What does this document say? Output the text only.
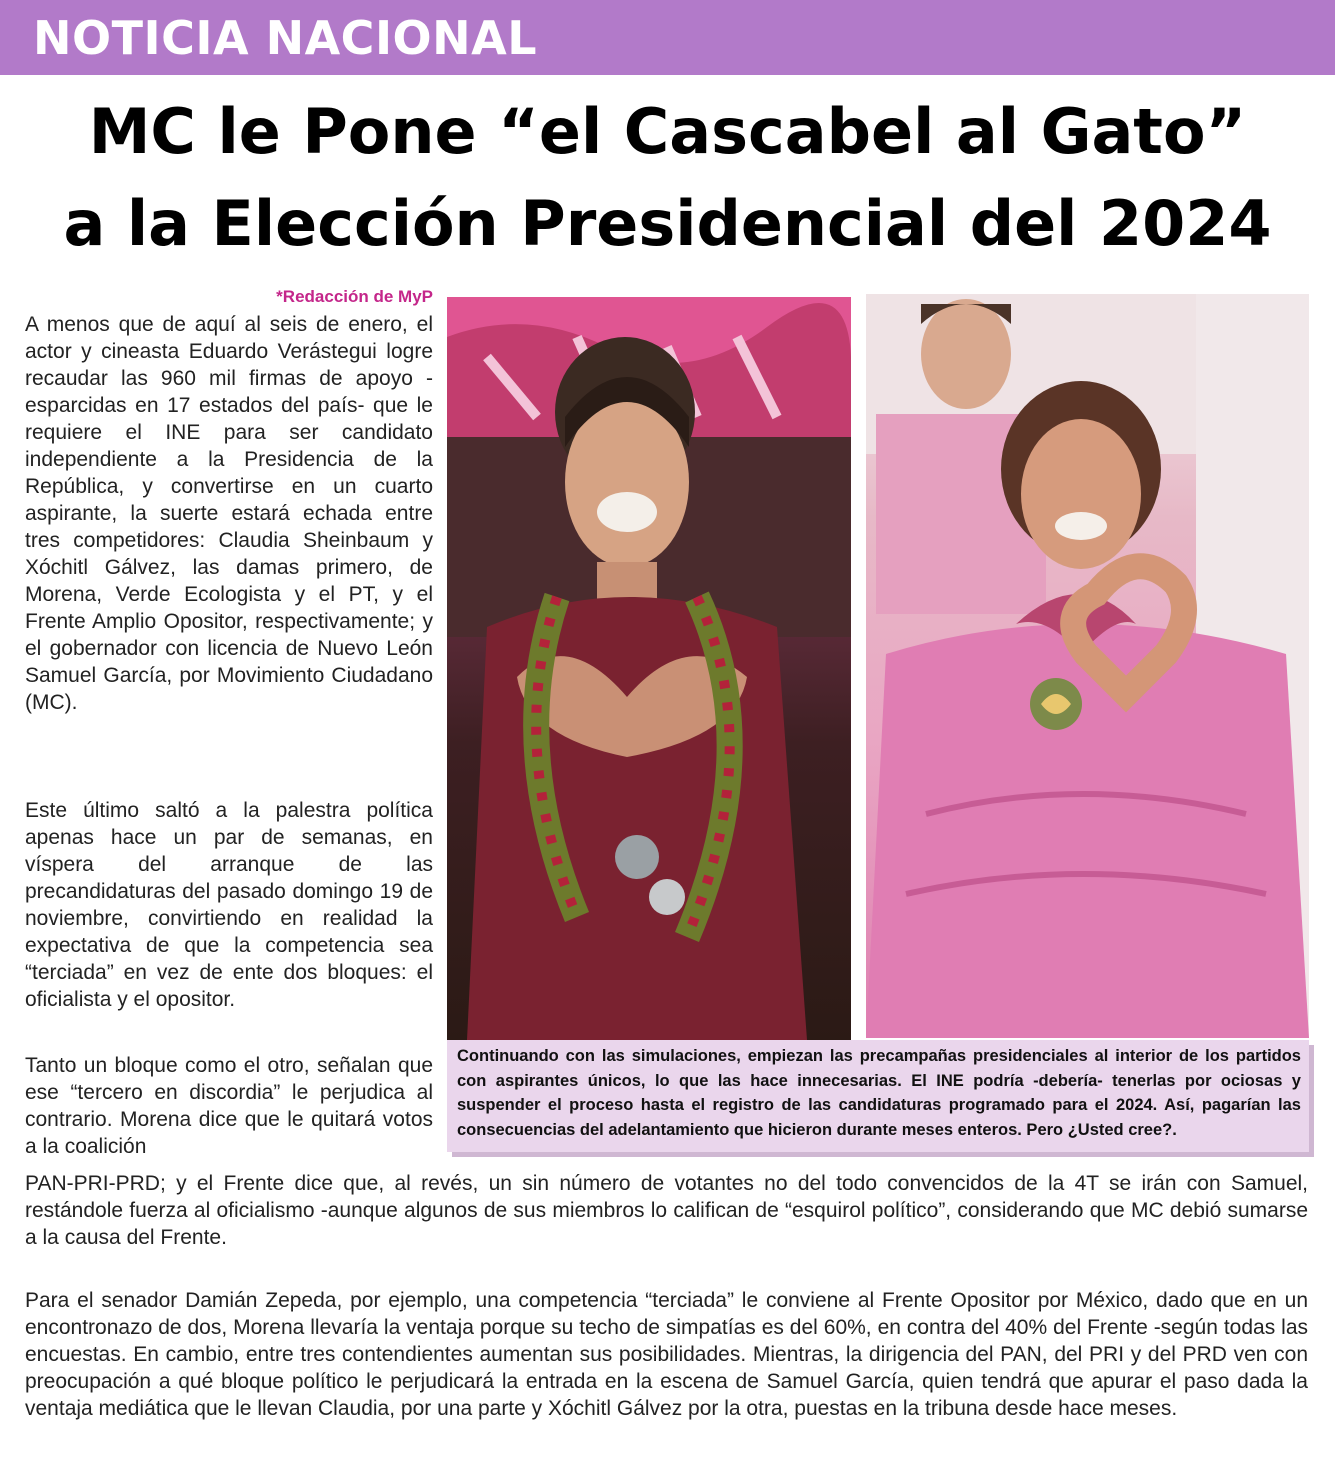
NOTICIA NACIONAL
MC le Pone “el Cascabel al Gato”
a la Elección Presidencial del 2024
*Redacción de MyP

A menos que de aquí al seis de enero, el actor y cineasta Eduardo Verástegui logre recaudar las 960 mil firmas de apoyo -esparcidas en 17 estados del país- que le requiere el INE para ser candidato independiente a la Presidencia de la República, y convertirse en un cuarto aspirante, la suerte estará echada entre tres competidores: Claudia Sheinbaum y Xóchitl Gálvez, las damas primero, de Morena, Verde Ecologista y el PT, y el Frente Amplio Opositor, respectivamente; y el gobernador con licencia de Nuevo León Samuel García, por Movimiento Ciudadano (MC).

Este último saltó a la palestra política apenas hace un par de semanas, en víspera del arranque de las precandidaturas del pasado domingo 19 de noviembre, convirtiendo en realidad la expectativa de que la competencia sea “terciada” en vez de ente dos bloques: el oficialista y el opositor.

Tanto un bloque como el otro, señalan que ese “tercero en discordia” le perjudica al contrario. Morena dice que le quitará votos a la coalición

PAN-PRI-PRD; y el Frente dice que, al revés, un sin número de votantes no del todo convencidos de la 4T se irán con Samuel, restándole fuerza al oficialismo -aunque algunos de sus miembros lo califican de “esquirol político”, considerando que MC debió sumarse a la causa del Frente.

Para el senador Damián Zepeda, por ejemplo, una competencia “terciada” le conviene al Frente Opositor por México, dado que en un encontronazo de dos, Morena llevaría la ventaja porque su techo de simpatías es del 60%, en contra del 40% del Frente -según todas las encuestas. En cambio, entre tres contendientes aumentan sus posibilidades. Mientras, la dirigencia del PAN, del PRI y del PRD ven con preocupación a qué bloque político le perjudicará la entrada en la escena de Samuel García, quien tendrá que apurar el paso dada la ventaja mediática que le llevan Claudia, por una parte y Xóchitl Gálvez por la otra, puestas en la tribuna desde hace meses.

Continuando con las simulaciones, empiezan las precampañas presidenciales al interior de los partidos con aspirantes únicos, lo que las hace innecesarias. El INE podría -debería- tenerlas por ociosas y suspender el proceso hasta el registro de las candidaturas programado para el 2024. Así, pagarían las consecuencias del adelantamiento que hicieron durante meses enteros. Pero ¿Usted cree?.
